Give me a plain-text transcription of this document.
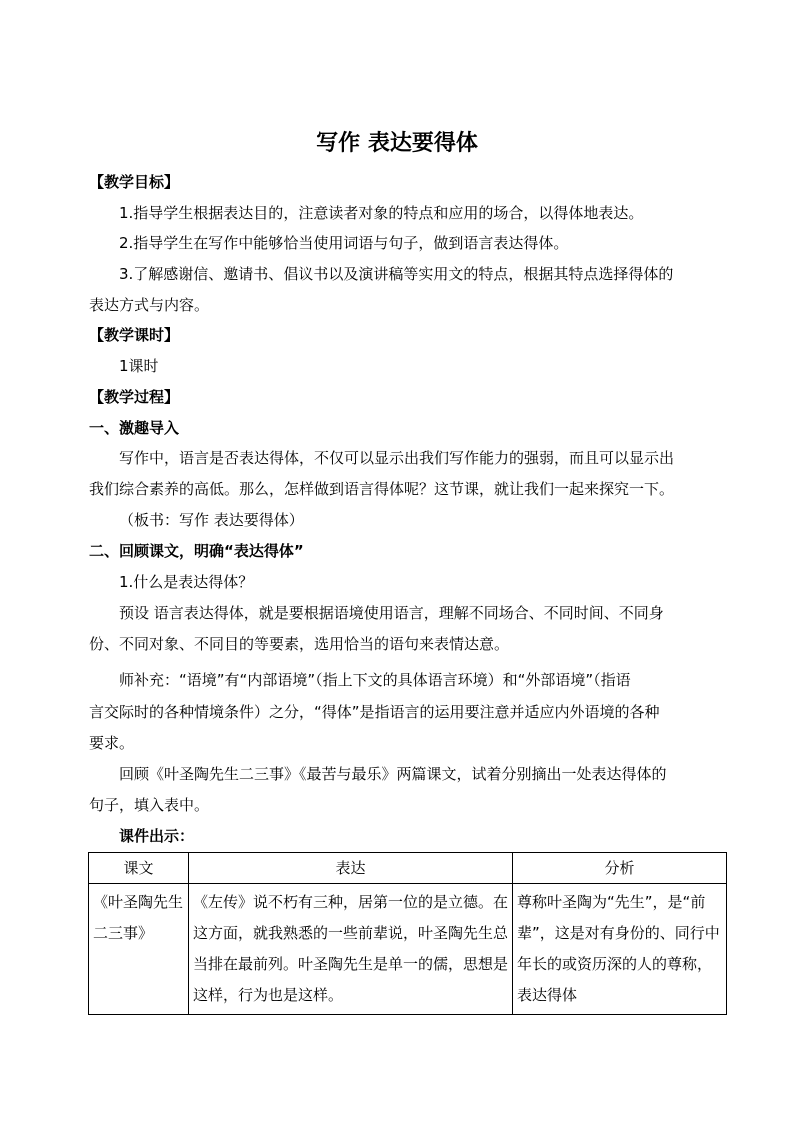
写作 表达要得体
【教学目标】
1.指导学生根据表达目的，注意读者对象的特点和应用的场合，以得体地表达。
2.指导学生在写作中能够恰当使用词语与句子，做到语言表达得体。
3.了解感谢信、邀请书、倡议书以及演讲稿等实用文的特点，根据其特点选择得体的
表达方式与内容。
【教学课时】
1课时
【教学过程】
一、激趣导入
写作中，语言是否表达得体，不仅可以显示出我们写作能力的强弱，而且可以显示出
我们综合素养的高低。那么，怎样做到语言得体呢？这节课，就让我们一起来探究一下。
（板书：写作 表达要得体）
二、回顾课文，明确“表达得体”
1.什么是表达得体？
预设 语言表达得体，就是要根据语境使用语言，理解不同场合、不同时间、不同身
份、不同对象、不同目的等要素，选用恰当的语句来表情达意。
师补充：“语境”有“内部语境”（指上下文的具体语言环境）和“外部语境”（指语
言交际时的各种情境条件）之分，“得体”是指语言的运用要注意并适应内外语境的各种
要求。
回顾《叶圣陶先生二三事》《最苦与最乐》两篇课文，试着分别摘出一处表达得体的
句子，填入表中。
课件出示：
课文	表达	分析
《叶圣陶先生二三事》	《左传》说不朽有三种，居第一位的是立德。在这方面，就我熟悉的一些前辈说，叶圣陶先生总当排在最前列。叶圣陶先生是单一的儒，思想是这样，行为也是这样。	尊称叶圣陶为“先生”，是“前辈”，这是对有身份的、同行中年长的或资历深的人的尊称，表达得体
